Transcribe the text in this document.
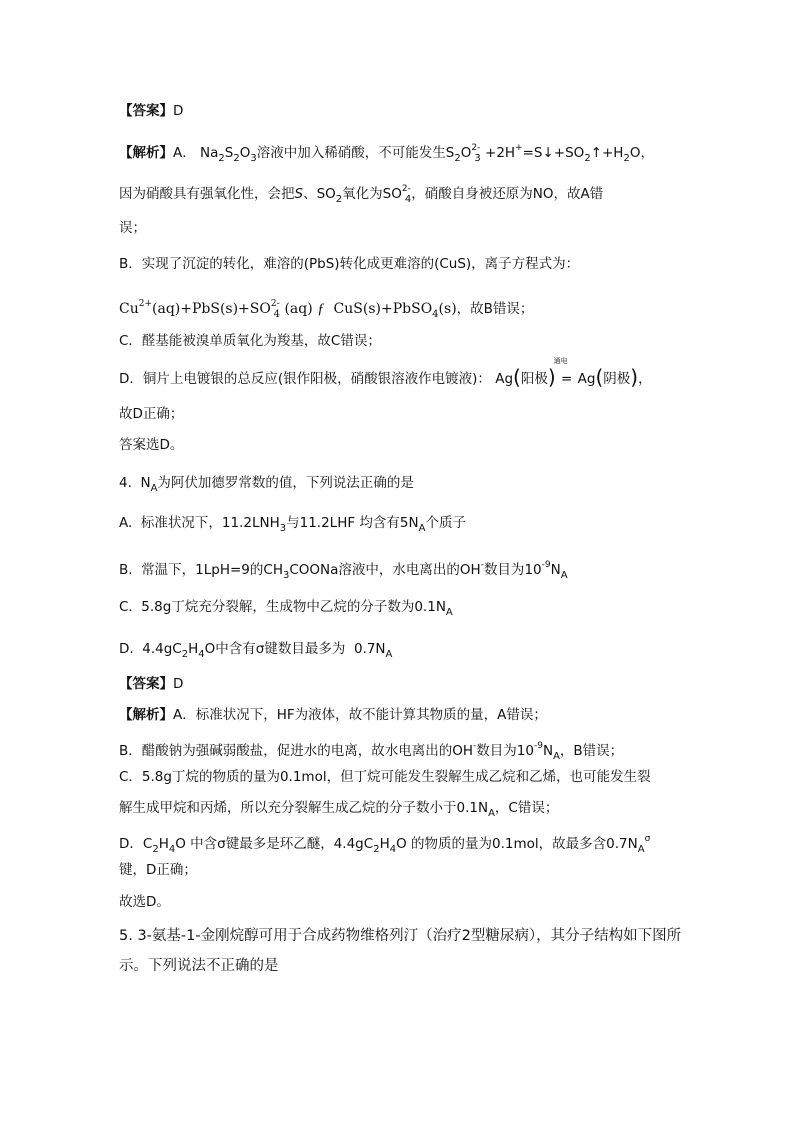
【答案】D
【解析】A． $Na_2S_2O_3$溶液中加入稀硝酸，不可能发生$S_2O^{2-}_3$ $+2H^+=S↓+SO_2↑+H_2O$，
因为硝酸具有强氧化性，会把S、$SO_2$氧化为$SO^{2-}_4$，硝酸自身被还原为NO，故A错
误；
B．实现了沉淀的转化，难溶的(PbS)转化成更难溶的(CuS)，离子方程式为：
$Cu^{2+}(aq)+PbS(s)+SO^{2-}_4$ (aq) ƒ  CuS(s)+PbSO$_4$(s)，故B错误；
C．醛基能被溴单质氧化为羧基，故C错误；
D．铜片上电镀银的总反应(银作阳极，硝酸银溶液作电镀液)： Ag(阳极)
通电
= Ag(阴极)，
故D正确；
答案选D。
4.  $N_A$为阿伏加德罗常数的值，下列说法正确的是
A. 标准状况下，$11.2LNH_3$与11.2LHF 均含有$5N_A$个质子
B. 常温下，1LpH=9的$CH_3COONa$溶液中，水电离出的OH-数目为$10^{-9}N_A$
C.  5.8g丁烷充分裂解，生成物中乙烷的分子数为$0.1N_A$
D.  $4.4gC_2H_4O$中含有σ键数目最多为  $0.7N_A$
【答案】D
【解析】A．标准状况下，HF为液体，故不能计算其物质的量，A错误；
B．醋酸钠为强碱弱酸盐，促进水的电离，故水电离出的OH-数目为$10^{-9}N_A$，B错误；
C．5.8g丁烷的物质的量为0.1mol，但丁烷可能发生裂解生成乙烷和乙烯，也可能发生裂
解生成甲烷和丙烯，所以充分裂解生成乙烷的分子数小于$0.1N_A$，C错误；
D．$C_2H_4O$ 中含σ键最多是环乙醚，$4.4gC_2H_4O$ 的物质的量为0.1mol，故最多含$0.7N_A^\sigma$
键，D正确；
故选D。
5. 3-氨基-1-金刚烷醇可用于合成药物维格列汀（治疗2型糖尿病），其分子结构如下图所
示。下列说法不正确的是
